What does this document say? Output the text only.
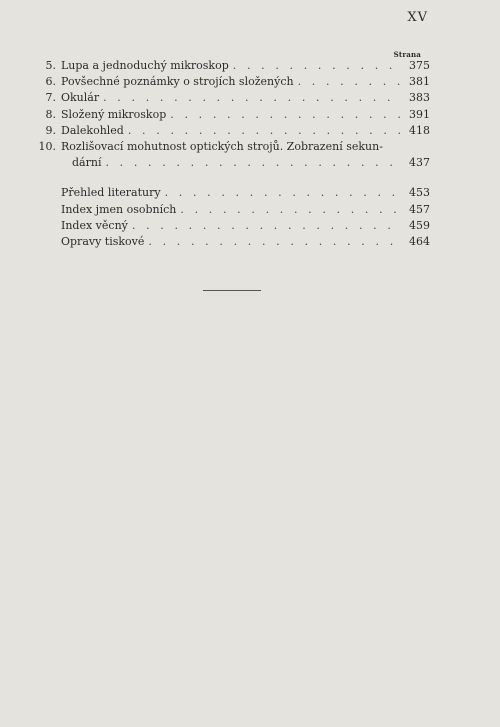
XV
Strana
5. Lupa a jednoduchý mikroskop . . .	375
6. Povšechné poznámky o strojích složených . . .	381
7. Okulár . . .	383
8. Složený mikroskop . . .	391
9. Dalekohled . . .	418
10. Rozlišovací mohutnost optických strojů. Zobrazení sekun-
dární . . .	437
Přehled literatury . . .	453
Index jmen osobních . . .	457
Index věcný . . .	459
Opravy tiskové . . .	464
